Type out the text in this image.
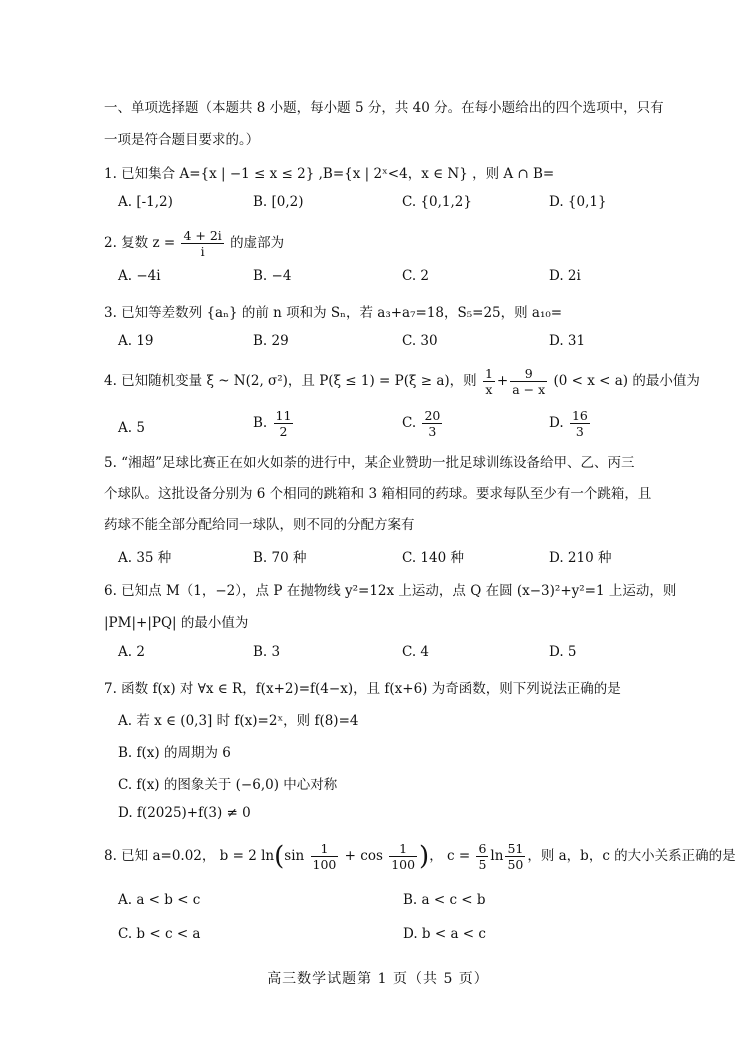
一、单项选择题（本题共 8 小题，每小题 5 分，共 40 分。在每小题给出的四个选项中，只有
一项是符合题目要求的。）
1. 已知集合 A={x | −1 ≤ x ≤ 2} ,B={x | 2ˣ<4，x ∈ N} ，则 A ∩ B=
A. [-1,2)	B. [0,2)	C. {0,1,2}	D. {0,1}
2. 复数 $z = \frac{4 + 2i}{i}$ 的虚部为
A. −4i	B. −4	C. 2	D. 2i
3. 已知等差数列 {aₙ} 的前 n 项和为 Sₙ，若 a₃+a₇=18，S₅=25，则 a₁₀=
A. 19	B. 29	C. 30	D. 31
4. 已知随机变量 ξ ~ N(2, σ²)，且 P(ξ ≤ 1) = P(ξ ≥ a)，则 $\frac{1}{x} + \frac{9}{a - x} (0 < x < a)$ 的最小值为
A. 5	B. $\frac{11}{2}$	C. $\frac{20}{3}$	D. $\frac{16}{3}$
5. “湘超”足球比赛正在如火如荼的进行中，某企业赞助一批足球训练设备给甲、乙、丙三
个球队。这批设备分别为 6 个相同的跳箱和 3 箱相同的药球。要求每队至少有一个跳箱，且
药球不能全部分配给同一球队，则不同的分配方案有
A. 35 种	B. 70 种	C. 140 种	D. 210 种
6. 已知点 M（1，−2），点 P 在抛物线 y²=12x 上运动，点 Q 在圆 (x−3)²+y²=1 上运动，则
|PM|+|PQ| 的最小值为
A. 2	B. 3	C. 4	D. 5
7. 函数 f(x) 对 ∀x ∈ R，f(x+2)=f(4−x)，且 f(x+6) 为奇函数，则下列说法正确的是
A. 若 x ∈ (0,3] 时 f(x)=2ˣ，则 f(8)=4
B. f(x) 的周期为 6
C. f(x) 的图象关于 (−6,0) 中心对称
D. f(2025)+f(3) ≠ 0
8. 已知 a=0.02， b = 2 $\ln(\sin \frac{1}{100} + \cos \frac{1}{100}$ )， $c = \frac{6}{5}$ $\ln \frac{51}{50}$ ，则 a，b，c 的大小关系正确的是
A. a < b < c	B. a < c < b
C. b < c < a	D. b < a < c
高三数学试题第 1 页（共 5 页）
